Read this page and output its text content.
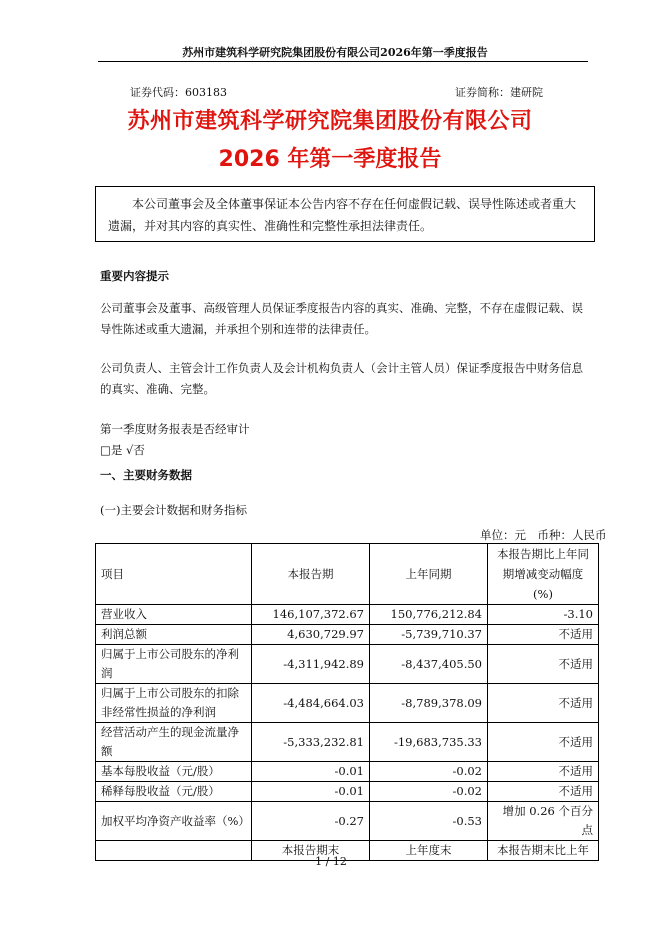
苏州市建筑科学研究院集团股份有限公司2026年第一季度报告
证券代码：603183	证券简称：建研院
苏州市建筑科学研究院集团股份有限公司
2026 年第一季度报告

本公司董事会及全体董事保证本公告内容不存在任何虚假记载、误导性陈述或者重大遗漏，并对其内容的真实性、准确性和完整性承担法律责任。

重要内容提示
公司董事会及董事、高级管理人员保证季度报告内容的真实、准确、完整，不存在虚假记载、误导性陈述或重大遗漏，并承担个别和连带的法律责任。
公司负责人、主管会计工作负责人及会计机构负责人（会计主管人员）保证季度报告中财务信息的真实、准确、完整。
第一季度财务报表是否经审计
□是 √否
一、主要财务数据
(一)主要会计数据和财务指标
单位：元　币种：人民币
项目	本报告期	上年同期	本报告期比上年同期增减变动幅度(%)
营业收入	146,107,372.67	150,776,212.84	-3.10
利润总额	4,630,729.97	-5,739,710.37	不适用
归属于上市公司股东的净利润	-4,311,942.89	-8,437,405.50	不适用
归属于上市公司股东的扣除非经常性损益的净利润	-4,484,664.03	-8,789,378.09	不适用
经营活动产生的现金流量净额	-5,333,232.81	-19,683,735.33	不适用
基本每股收益（元/股）	-0.01	-0.02	不适用
稀释每股收益（元/股）	-0.01	-0.02	不适用
加权平均净资产收益率（%）	-0.27	-0.53	增加 0.26 个百分点
	本报告期末	上年度末	本报告期末比上年
1 / 12
